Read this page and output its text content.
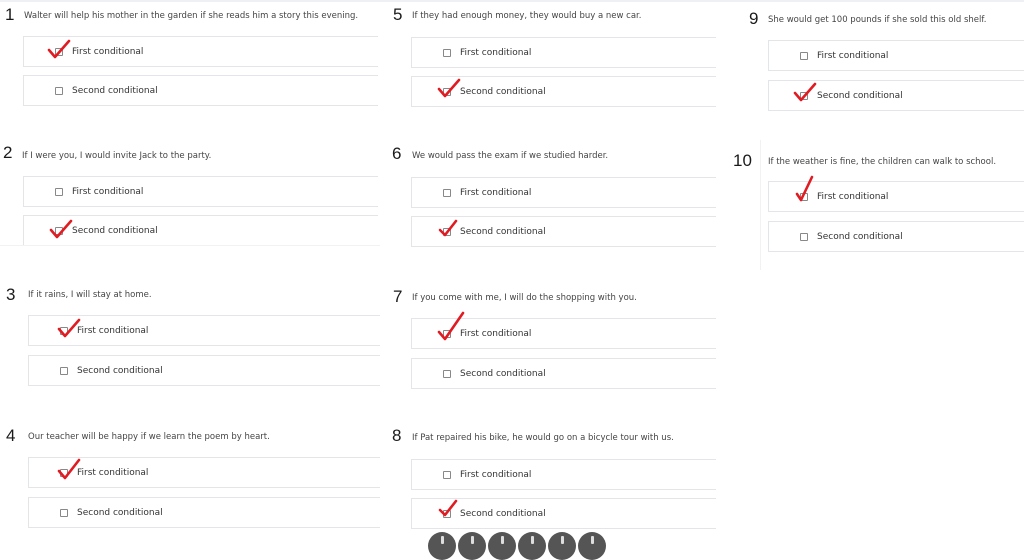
1 Walter will help his mother in the garden if she reads him a story this evening.
First conditional
Second conditional
2 If I were you, I would invite Jack to the party.
First conditional
Second conditional
3 If it rains, I will stay at home.
First conditional
Second conditional
4 Our teacher will be happy if we learn the poem by heart.
First conditional
Second conditional
5 If they had enough money, they would buy a new car.
First conditional
Second conditional
6 We would pass the exam if we studied harder.
First conditional
Second conditional
7 If you come with me, I will do the shopping with you.
First conditional
Second conditional
8 If Pat repaired his bike, he would go on a bicycle tour with us.
First conditional
Second conditional
9 She would get 100 pounds if she sold this old shelf.
First conditional
Second conditional
10 If the weather is fine, the children can walk to school.
First conditional
Second conditional
